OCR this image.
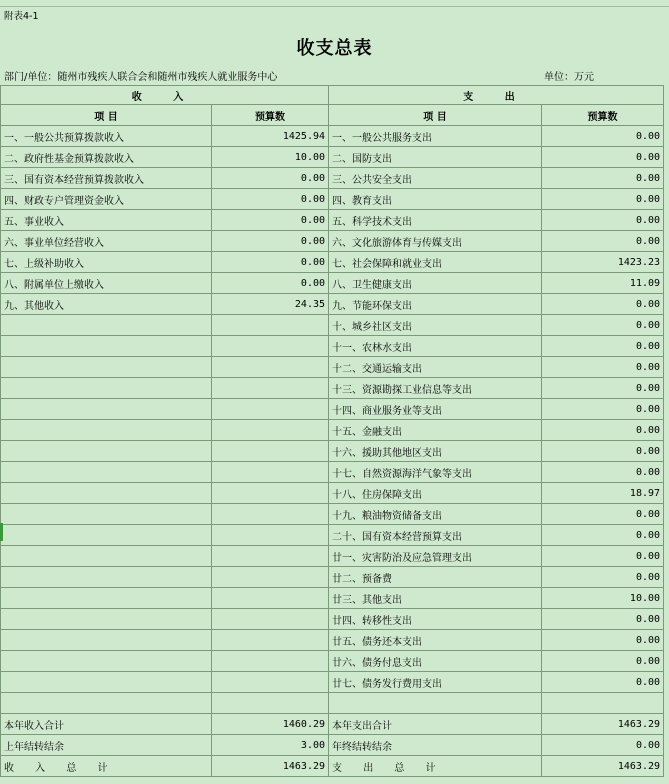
附表4-1
收支总表
部门/单位：随州市残疾人联合会和随州市残疾人就业服务中心	单位：万元
收 入		支 出	
项 目	预算数	项 目	预算数
一、一般公共预算拨款收入	1425.94	一、一般公共服务支出	0.00
二、政府性基金预算拨款收入	10.00	二、国防支出	0.00
三、国有资本经营预算拨款收入	0.00	三、公共安全支出	0.00
四、财政专户管理资金收入	0.00	四、教育支出	0.00
五、事业收入	0.00	五、科学技术支出	0.00
六、事业单位经营收入	0.00	六、文化旅游体育与传媒支出	0.00
七、上级补助收入	0.00	七、社会保障和就业支出	1423.23
八、附属单位上缴收入	0.00	八、卫生健康支出	11.09
九、其他收入	24.35	九、节能环保支出	0.00
		十、城乡社区支出	0.00
		十一、农林水支出	0.00
		十二、交通运输支出	0.00
		十三、资源勘探工业信息等支出	0.00
		十四、商业服务业等支出	0.00
		十五、金融支出	0.00
		十六、援助其他地区支出	0.00
		十七、自然资源海洋气象等支出	0.00
		十八、住房保障支出	18.97
		十九、粮油物资储备支出	0.00
		二十、国有资本经营预算支出	0.00
		廿一、灾害防治及应急管理支出	0.00
		廿二、预备费	0.00
		廿三、其他支出	10.00
		廿四、转移性支出	0.00
		廿五、债务还本支出	0.00
		廿六、债务付息支出	0.00
		廿七、债务发行费用支出	0.00

本年收入合计	1460.29	本年支出合计	1463.29
上年结转结余	3.00	年终结转结余	0.00
收 入 总 计	1463.29	支 出 总 计	1463.29
